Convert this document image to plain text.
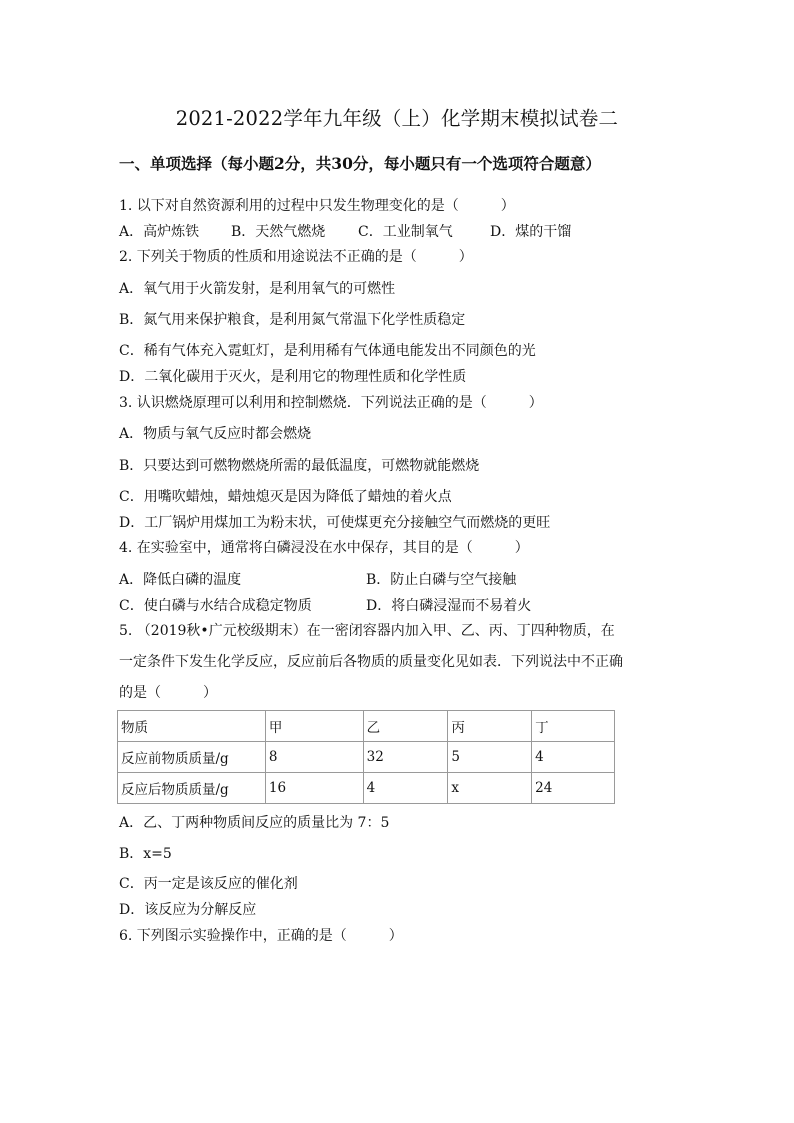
2021-2022学年九年级（上）化学期末模拟试卷二
一、单项选择（每小题2分，共30分，每小题只有一个选项符合题意）
1. 以下对自然资源利用的过程中只发生物理变化的是（　　　）
A．高炉炼铁 B．天然气燃烧 C．工业制氧气	D．煤的干馏
2. 下列关于物质的性质和用途说法不正确的是（　　　）
A．氧气用于火箭发射，是利用氧气的可燃性
B．氮气用来保护粮食，是利用氮气常温下化学性质稳定
C．稀有气体充入霓虹灯，是利用稀有气体通电能发出不同颜色的光
D．二氧化碳用于灭火，是利用它的物理性质和化学性质
3. 认识燃烧原理可以利用和控制燃烧．下列说法正确的是（　　　）
A．物质与氧气反应时都会燃烧
B．只要达到可燃物燃烧所需的最低温度，可燃物就能燃烧
C．用嘴吹蜡烛，蜡烛熄灭是因为降低了蜡烛的着火点
D．工厂锅炉用煤加工为粉末状，可使煤更充分接触空气而燃烧的更旺
4. 在实验室中，通常将白磷浸没在水中保存，其目的是（　　　）
A．降低白磷的温度	B．防止白磷与空气接触
C．使白磷与水结合成稳定物质	D．将白磷浸湿而不易着火
5. （2019秋•广元校级期末）在一密闭容器内加入甲、乙、丙、丁四种物质，在
一定条件下发生化学反应，反应前后各物质的质量变化见如表．下列说法中不正确
的是（　　　）
物质	甲	乙	丙	丁
反应前物质质量/g	8	32	5	4
反应后物质质量/g	16	4	x	24
A．乙、丁两种物质间反应的质量比为 7：5
B．x=5
C．丙一定是该反应的催化剂
D．该反应为分解反应
6. 下列图示实验操作中，正确的是（　　　）
